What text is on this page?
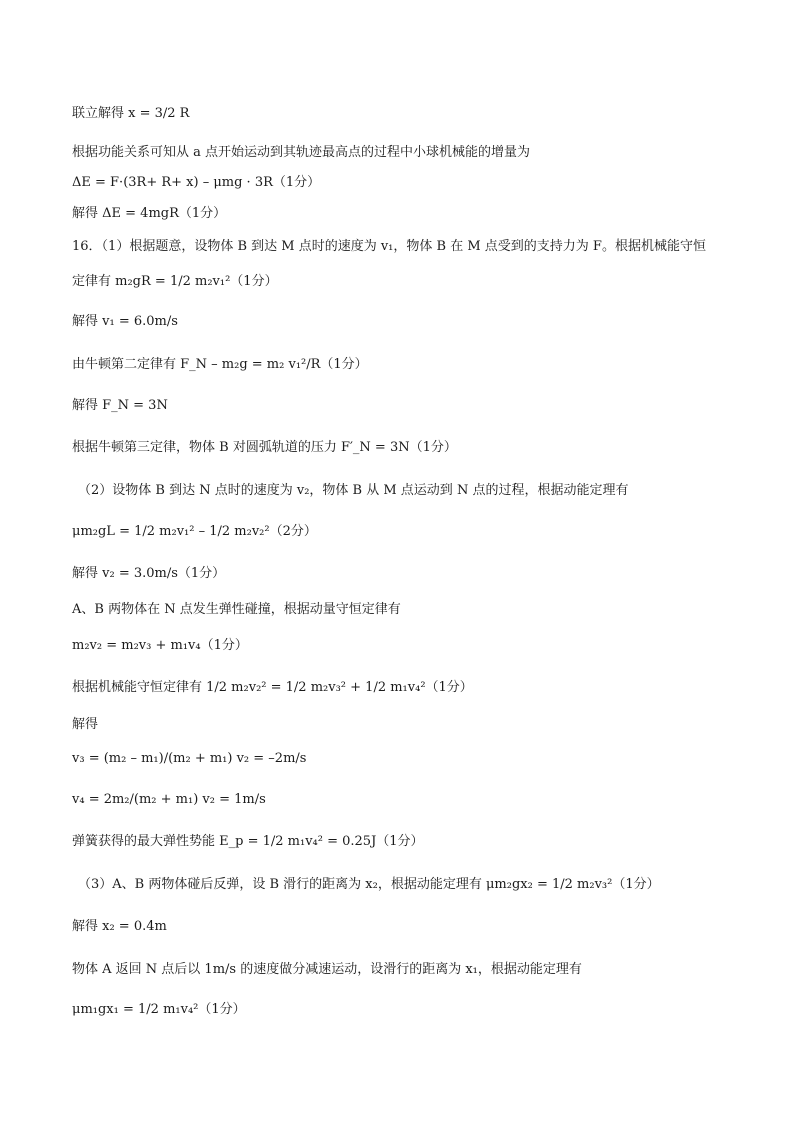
联立解得 x = 3/2 R
根据功能关系可知从 a 点开始运动到其轨迹最高点的过程中小球机械能的增量为
ΔE = F·(3R+ R+ x) – μmg · 3R（1分）
解得 ΔE = 4mgR（1分）
16．（1）根据题意，设物体 B 到达 M 点时的速度为 v₁，物体 B 在 M 点受到的支持力为 F。根据机械能守恒
定律有 m₂gR = 1/2 m₂v₁²（1分）
解得 v₁ = 6.0m/s
由牛顿第二定律有 F_N – m₂g = m₂ v₁²/R（1分）
解得 F_N = 3N
根据牛顿第三定律，物体 B 对圆弧轨道的压力 F′_N = 3N（1分）
（2）设物体 B 到达 N 点时的速度为 v₂，物体 B 从 M 点运动到 N 点的过程，根据动能定理有
μm₂gL = 1/2 m₂v₁² – 1/2 m₂v₂²（2分）
解得 v₂ = 3.0m/s（1分）
A、B 两物体在 N 点发生弹性碰撞，根据动量守恒定律有
m₂v₂ = m₂v₃ + m₁v₄（1分）
根据机械能守恒定律有 1/2 m₂v₂² = 1/2 m₂v₃² + 1/2 m₁v₄²（1分）
解得
v₃ = (m₂ – m₁)/(m₂ + m₁) v₂ = –2m/s
v₄ = 2m₂/(m₂ + m₁) v₂ = 1m/s
弹簧获得的最大弹性势能 E_p = 1/2 m₁v₄² = 0.25J（1分）
（3）A、B 两物体碰后反弹，设 B 滑行的距离为 x₂，根据动能定理有 μm₂gx₂ = 1/2 m₂v₃²（1分）
解得 x₂ = 0.4m
物体 A 返回 N 点后以 1m/s 的速度做分减速运动，设滑行的距离为 x₁，根据动能定理有
μm₁gx₁ = 1/2 m₁v₄²（1分）
